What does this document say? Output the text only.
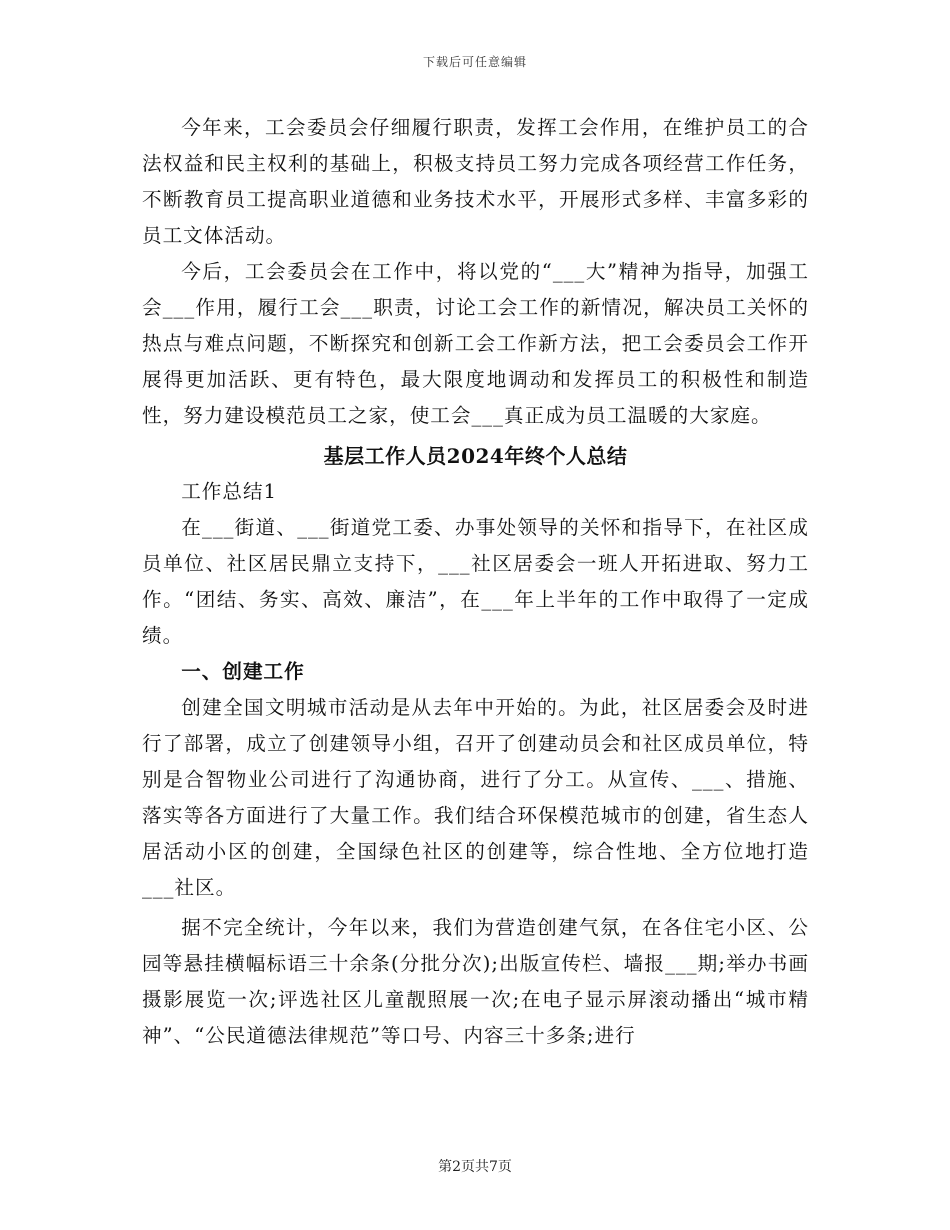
下载后可任意编辑

今年来，工会委员会仔细履行职责，发挥工会作用，在维护员工的合法权益和民主权利的基础上，积极支持员工努力完成各项经营工作任务，不断教育员工提高职业道德和业务技术水平，开展形式多样、丰富多彩的员工文体活动。

今后，工会委员会在工作中，将以党的“___大”精神为指导，加强工会___作用，履行工会___职责，讨论工会工作的新情况，解决员工关怀的热点与难点问题，不断探究和创新工会工作新方法，把工会委员会工作开展得更加活跃、更有特色，最大限度地调动和发挥员工的积极性和制造性，努力建设模范员工之家，使工会___真正成为员工温暖的大家庭。

基层工作人员2024年终个人总结

工作总结1

在___街道、___街道党工委、办事处领导的关怀和指导下，在社区成员单位、社区居民鼎立支持下，___社区居委会一班人开拓进取、努力工作。“团结、务实、高效、廉洁”，在___年上半年的工作中取得了一定成绩。

一、创建工作

创建全国文明城市活动是从去年中开始的。为此，社区居委会及时进行了部署，成立了创建领导小组，召开了创建动员会和社区成员单位，特别是合智物业公司进行了沟通协商，进行了分工。从宣传、___、措施、落实等各方面进行了大量工作。我们结合环保模范城市的创建，省生态人居活动小区的创建，全国绿色社区的创建等，综合性地、全方位地打造___社区。

据不完全统计，今年以来，我们为营造创建气氛，在各住宅小区、公园等悬挂横幅标语三十余条(分批分次);出版宣传栏、墙报___期;举办书画摄影展览一次;评选社区儿童靓照展一次;在电子显示屏滚动播出“城市精神”、“公民道德法律规范”等口号、内容三十多条;进行

第2页共7页
